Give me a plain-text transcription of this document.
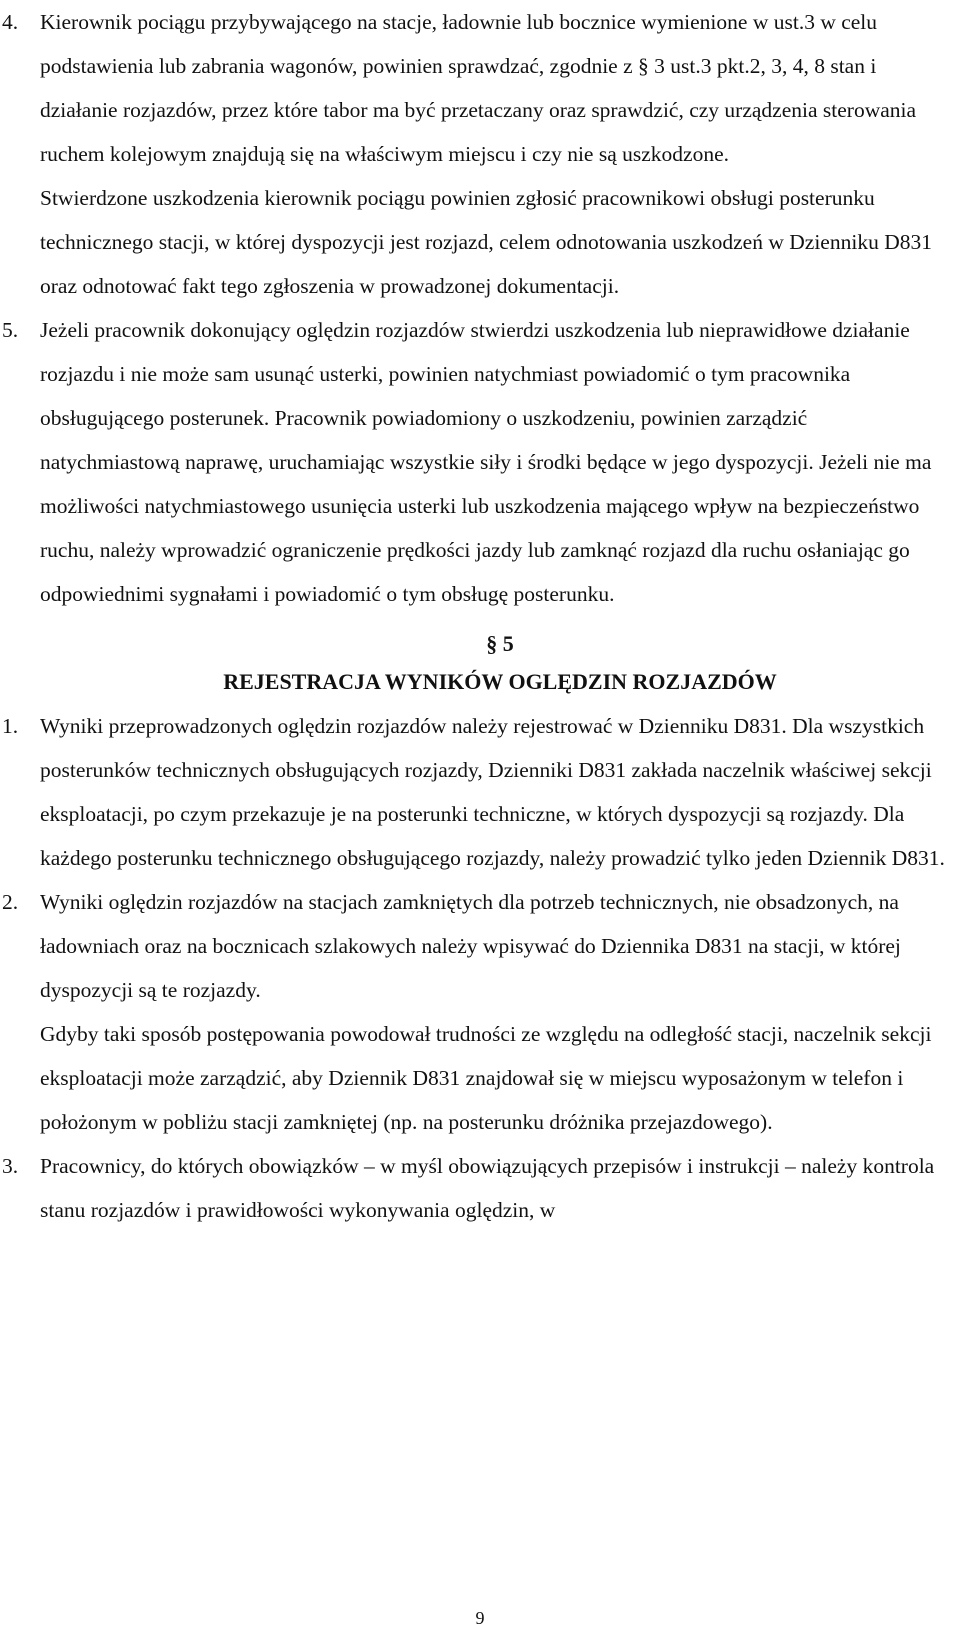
4. Kierownik pociągu przybywającego na stacje, ładownie lub bocznice wymienione w ust.3 w celu podstawienia lub zabrania wagonów, powinien sprawdzać, zgodnie z § 3 ust.3 pkt.2, 3, 4, 8 stan i działanie rozjazdów, przez które tabor ma być przetaczany oraz sprawdzić, czy urządzenia sterowania ruchem kolejowym znajdują się na właściwym miejscu i czy nie są uszkodzone.
Stwierdzone uszkodzenia kierownik pociągu powinien zgłosić pracownikowi obsługi posterunku technicznego stacji, w której dyspozycji jest rozjazd, celem odnotowania uszkodzeń w Dzienniku D831 oraz odnotować fakt tego zgłoszenia w prowadzonej dokumentacji.
5. Jeżeli pracownik dokonujący oględzin rozjazdów stwierdzi uszkodzenia lub nieprawidłowe działanie rozjazdu i nie może sam usunąć usterki, powinien natychmiast powiadomić o tym pracownika obsługującego posterunek. Pracownik powiadomiony o uszkodzeniu, powinien zarządzić natychmiastową naprawę, uruchamiając wszystkie siły i środki będące w jego dyspozycji. Jeżeli nie ma możliwości natychmiastowego usunięcia usterki lub uszkodzenia mającego wpływ na bezpieczeństwo ruchu, należy wprowadzić ograniczenie prędkości jazdy lub zamknąć rozjazd dla ruchu osłaniając go odpowiednimi sygnałami i powiadomić o tym obsługę posterunku.
§ 5
REJESTRACJA WYNIKÓW OGLĘDZIN ROZJAZDÓW
1. Wyniki przeprowadzonych oględzin rozjazdów należy rejestrować w Dzienniku D831. Dla wszystkich posterunków technicznych obsługujących rozjazdy, Dzienniki D831 zakłada naczelnik właściwej sekcji eksploatacji, po czym przekazuje je na posterunki techniczne, w których dyspozycji są rozjazdy. Dla każdego posterunku technicznego obsługującego rozjazdy, należy prowadzić tylko jeden Dziennik D831.
2. Wyniki oględzin rozjazdów na stacjach zamkniętych dla potrzeb technicznych, nie obsadzonych, na ładowniach oraz na bocznicach szlakowych należy wpisywać do Dziennika D831 na stacji, w której dyspozycji są te rozjazdy.
Gdyby taki sposób postępowania powodował trudności ze względu na odległość stacji, naczelnik sekcji eksploatacji może zarządzić, aby Dziennik D831 znajdował się w miejscu wyposażonym w telefon i położonym w pobliżu stacji zamkniętej (np. na posterunku dróżnika przejazdowego).
3. Pracownicy, do których obowiązków – w myśl obowiązujących przepisów i instrukcji – należy kontrola stanu rozjazdów i prawidłowości wykonywania oględzin, w
9
